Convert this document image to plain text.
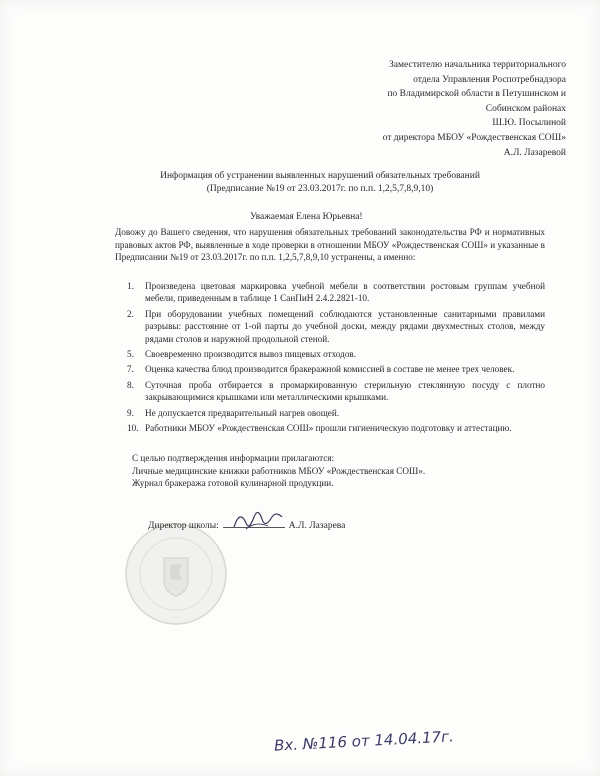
Заместителю начальника территориального
отдела Управления Роспотребнадзора
по Владимирской области в Петушинском и
Собинском районах
Ш.Ю. Посылиной
от директора МБОУ «Рождественская СОШ»
А.Л. Лазаревой
Информация об устранении выявленных нарушений обязательных требований
(Предписание №19 от 23.03.2017г. по п.п. 1,2,5,7,8,9,10)
Уважаемая Елена Юрьевна!
Довожу до Вашего сведения, что нарушения обязательных требований законодательства РФ и нормативных правовых актов РФ, выявленные в ходе проверки в отношении МБОУ «Рождественская СОШ» и указанные в Предписании №19 от 23.03.2017г. по п.п. 1,2,5,7,8,9,10 устранены, а именно:
1. Произведена цветовая маркировка учебной мебели в соответствии ростовым группам учебной мебели, приведенным в таблице 1 СанПиН 2.4.2.2821-10.
2. При оборудовании учебных помещений соблюдаются установленные санитарными правилами разрывы: расстояние от 1-ой парты до учебной доски, между рядами двухместных столов, между рядами столов и наружной продольной стеной.
5. Своевременно производится вывоз пищевых отходов.
7. Оценка качества блюд производится бракеражной комиссией в составе не менее трех человек.
8. Суточная проба отбирается в промаркированную стерильную стеклянную посуду с плотно закрывающимися крышками или металлическими крышками.
9. Не допускается предварительный нагрев овощей.
10. Работники МБОУ «Рождественская СОШ» прошли гигиеническую подготовку и аттестацию.
С целью подтверждения информации прилагаются:
Личные медицинские книжки работников МБОУ «Рождественская СОШ».
Журнал бракеража готовой кулинарной продукции.
Директор школы:	А.Л. Лазарева
Вх. №116 от 14.04.17г.
